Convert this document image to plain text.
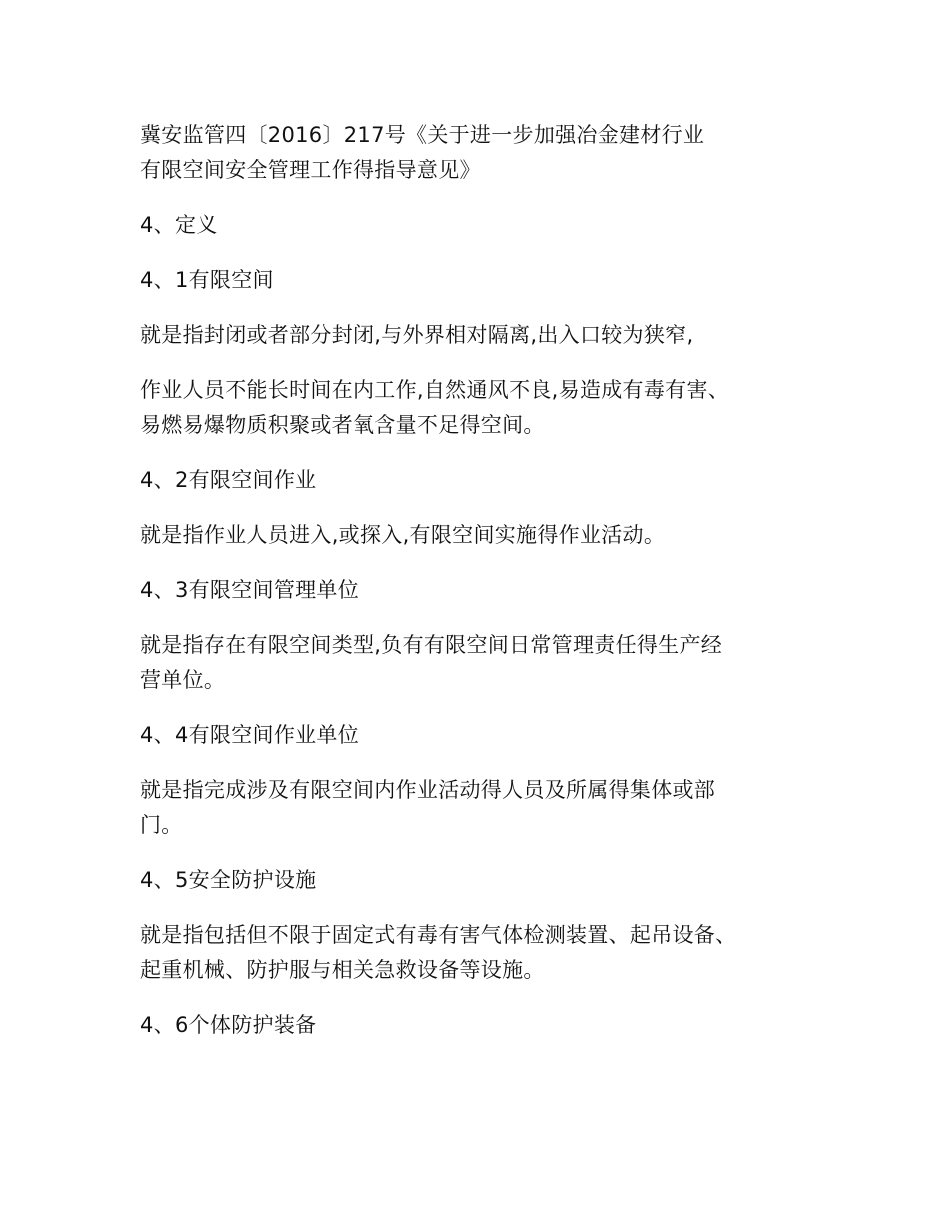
冀安监管四〔2016〕217号《关于进一步加强冶金建材行业
有限空间安全管理工作得指导意见》
4、定义
4、1有限空间
就是指封闭或者部分封闭,与外界相对隔离,出入口较为狭窄,
作业人员不能长时间在内工作,自然通风不良,易造成有毒有害、
易燃易爆物质积聚或者氧含量不足得空间。
4、2有限空间作业
就是指作业人员进入,或探入,有限空间实施得作业活动。
4、3有限空间管理单位
就是指存在有限空间类型,负有有限空间日常管理责任得生产经
营单位。
4、4有限空间作业单位
就是指完成涉及有限空间内作业活动得人员及所属得集体或部
门。
4、5安全防护设施
就是指包括但不限于固定式有毒有害气体检测装置、起吊设备、
起重机械、防护服与相关急救设备等设施。
4、6个体防护装备
